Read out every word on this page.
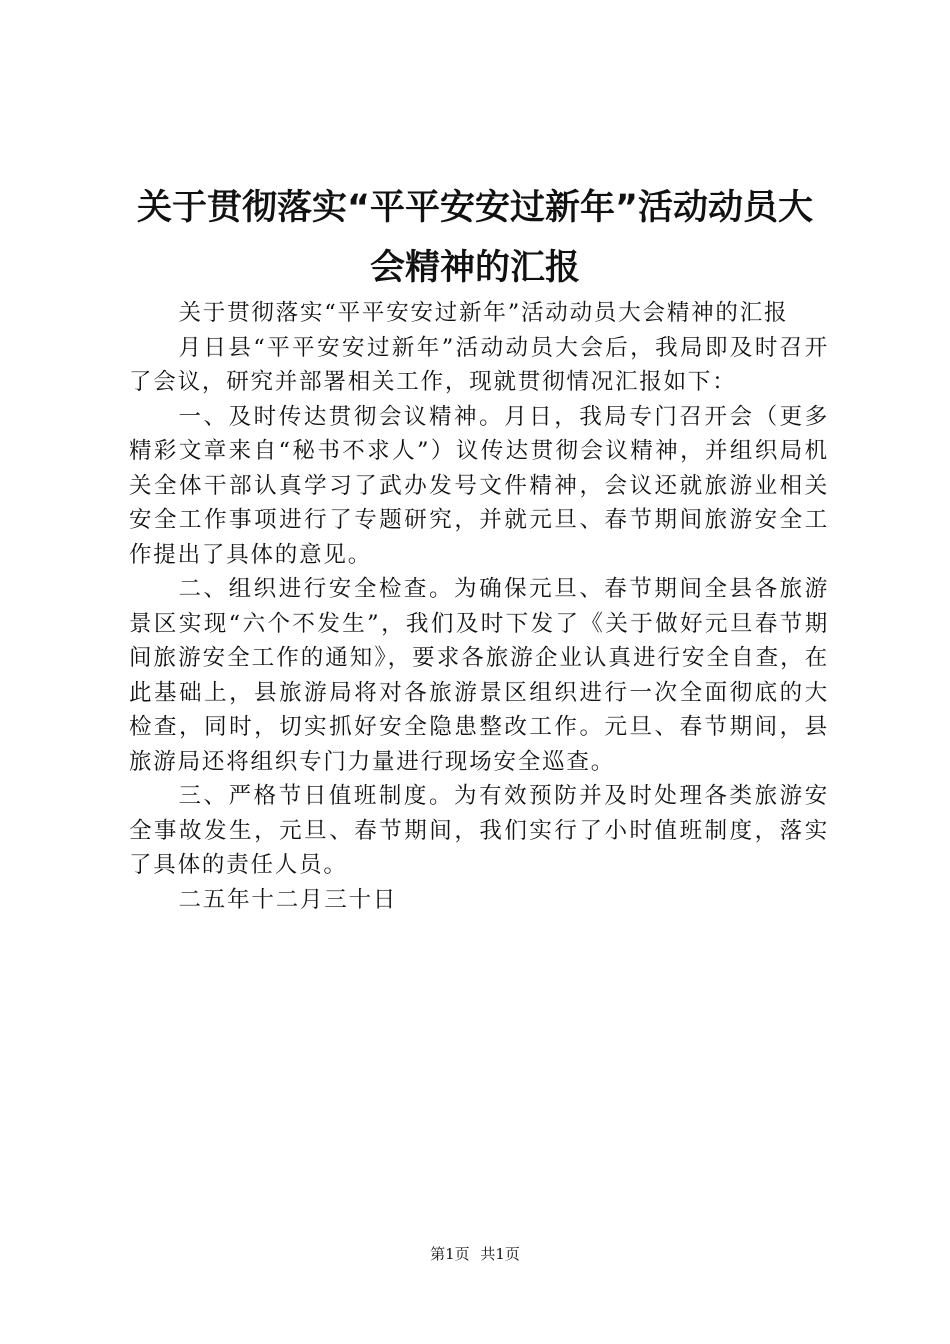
关于贯彻落实“平平安安过新年”活动动员大会精神的汇报

关于贯彻落实“平平安安过新年”活动动员大会精神的汇报

月日县“平平安安过新年”活动动员大会后，我局即及时召开了会议，研究并部署相关工作，现就贯彻情况汇报如下：

一、及时传达贯彻会议精神。月日，我局专门召开会（更多精彩文章来自“秘书不求人”）议传达贯彻会议精神，并组织局机关全体干部认真学习了武办发号文件精神，会议还就旅游业相关安全工作事项进行了专题研究，并就元旦、春节期间旅游安全工作提出了具体的意见。

二、组织进行安全检查。为确保元旦、春节期间全县各旅游景区实现“六个不发生”，我们及时下发了《关于做好元旦春节期间旅游安全工作的通知》，要求各旅游企业认真进行安全自查，在此基础上，县旅游局将对各旅游景区组织进行一次全面彻底的大检查，同时，切实抓好安全隐患整改工作。元旦、春节期间，县旅游局还将组织专门力量进行现场安全巡查。

三、严格节日值班制度。为有效预防并及时处理各类旅游安全事故发生，元旦、春节期间，我们实行了小时值班制度，落实了具体的责任人员。

二五年十二月三十日

第1页 共1页
